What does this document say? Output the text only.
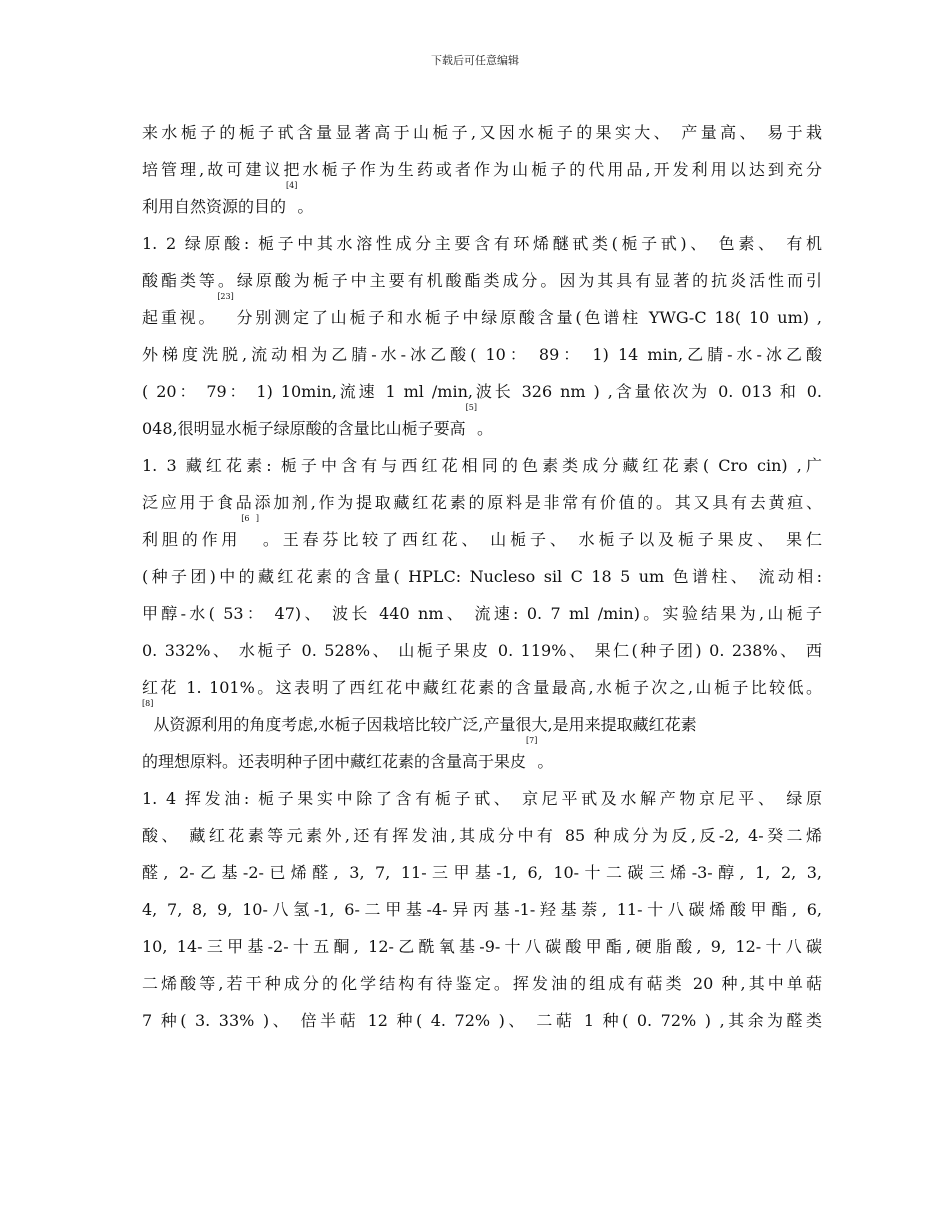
下载后可任意编辑
来水栀子的栀子甙含量显著高于山栀子,又因水栀子的果实大、 产量高、 易于栽
培管理,故可建议把水栀子作为生药或者作为山栀子的代用品,开发利用以达到充分
利用自然资源的目的[4]。
1. 2 绿原酸: 栀子中其水溶性成分主要含有环烯醚甙类(栀子甙)、 色素、 有机
酸酯类等。绿原酸为栀子中主要有机酸酯类成分。因为其具有显著的抗炎活性而引
起重视。[23]分别测定了山栀子和水栀子中绿原酸含量(色谱柱 YWG-C 18( 10 um) ,
外梯度洗脱,流动相为乙腈-水-冰乙酸( 10： 89： 1) 14 min,乙腈-水-冰乙酸
( 20： 79： 1) 10min,流速 1 ml /min,波长 326 nm ) ,含量依次为 0. 013 和 0.
048,很明显水栀子绿原酸的含量比山栀子要高[5]。
1. 3 藏红花素: 栀子中含有与西红花相同的色素类成分藏红花素( Cro cin) ,广
泛应用于食品添加剂,作为提取藏红花素的原料是非常有价值的。其又具有去黄疸、
利胆的作用[6 ]。王春芬比较了西红花、 山栀子、 水栀子以及栀子果皮、 果仁
(种子团)中的藏红花素的含量( HPLC: Nucleso sil C 18 5 um 色谱柱、 流动相:
甲醇-水( 53： 47)、 波长 440 nm、 流速: 0. 7 ml /min)。实验结果为,山栀子
0. 332%、 水栀子 0. 528%、 山栀子果皮 0. 119%、 果仁(种子团) 0. 238%、 西
红花 1. 101%。这表明了西红花中藏红花素的含量最高,水栀子次之,山栀子比较低。
[8]从资源利用的角度考虑,水栀子因栽培比较广泛,产量很大,是用来提取藏红花素
的理想原料。还表明种子团中藏红花素的含量高于果皮[7]。
1. 4 挥发油: 栀子果实中除了含有栀子甙、 京尼平甙及水解产物京尼平、 绿原
酸、 藏红花素等元素外,还有挥发油,其成分中有 85 种成分为反,反-2, 4-癸二烯
醛, 2-乙基-2-已烯醛, 3, 7, 11-三甲基-1, 6, 10-十二碳三烯-3-醇, 1, 2, 3,
4, 7, 8, 9, 10-八氢-1, 6-二甲基-4-异丙基-1-羟基萘, 11-十八碳烯酸甲酯, 6,
10, 14-三甲基-2-十五酮, 12-乙酰氧基-9-十八碳酸甲酯,硬脂酸, 9, 12-十八碳
二烯酸等,若干种成分的化学结构有待鉴定。挥发油的组成有萜类 20 种,其中单萜
7 种( 3. 33% )、 倍半萜 12 种( 4. 72% )、 二萜 1 种( 0. 72% ) ,其余为醛类
